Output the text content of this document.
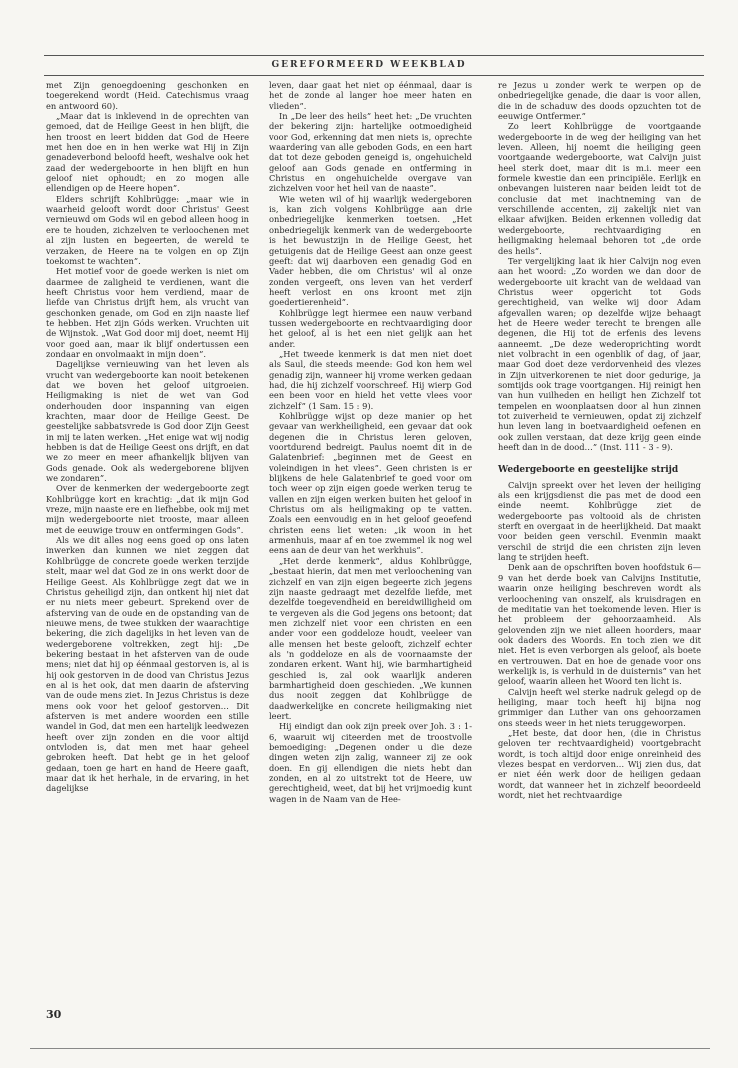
GEREFORMEERD WEEKBLAD

met Zijn genoegdoening geschonken en toegerekend wordt (Heid. Catechismus vraag en antwoord 60).

„Maar dat is inklevend in de oprechten van gemoed, dat de Heilige Geest in hen blijft, die hen troost en leert bidden dat God de Heere met hen doe en in hen werke wat Hij in Zijn genadeverbond beloofd heeft, weshalve ook het zaad der wedergeboorte in hen blijft en hun geloof niet ophoudt; en zo mogen alle ellendigen op de Heere hopen”.

Elders schrijft Kohlbrügge: „maar wie in waarheid gelooft wordt door Christus' Geest vernieuwd om Gods wil en gebod alleen hoog in ere te houden, zichzelven te verloochenen met al zijn lusten en begeerten, de wereld te verzaken, de Heere na te volgen en op Zijn toekomst te wachten”.

Het motief voor de goede werken is niet om daarmee de zaligheid te verdienen, want die heeft Christus voor hem verdiend, maar de liefde van Christus drijft hem, als vrucht van geschonken genade, om God en zijn naaste lief te hebben. Het zijn Góds werken. Vruchten uit de Wijnstok. „Wat God door mij doet, neemt Hij voor goed aan, maar ik blijf ondertussen een zondaar en onvolmaakt in mijn doen”.

Dagelijkse vernieuwing van het leven als vrucht van wedergeboorte kan nooit betekenen dat we boven het geloof uitgroeien. Heiligmaking is niet de wet van God onderhouden door inspanning van eigen krachten, maar door de Heilige Geest. De geestelijke sabbatsvrede is God door Zijn Geest in mij te laten werken. „Het enige wat wij nodig hebben is dat de Heilige Geest ons drijft, en dat we zo meer en meer afhankelijk blijven van Gods genade. Ook als wedergeborene blijven we zondaren”.

Over de kenmerken der wedergeboorte zegt Kohlbrügge kort en krachtig: „dat ik mijn God vreze, mijn naaste ere en liefhebbe, ook mij met mijn wedergeboorte niet trooste, maar alleen met de eeuwige trouw en ontfermingen Gods”.

Als we dit alles nog eens goed op ons laten inwerken dan kunnen we niet zeggen dat Kohlbrügge de concrete goede werken terzijde stelt, maar wel dat God ze in ons werkt door de Heilige Geest. Als Kohlbrügge zegt dat we in Christus geheiligd zijn, dan ontkent hij niet dat er nu niets meer gebeurt. Sprekend over de afsterving van de oude en de opstanding van de nieuwe mens, de twee stukken der waarachtige bekering, die zich dagelijks in het leven van de wedergeborene voltrekken, zegt hij: „De bekering bestaat in het afsterven van de oude mens; niet dat hij op éénmaal gestorven is, al is hij ook gestorven in de dood van Christus Jezus en al is het ook, dat men daarin de afsterving van de oude mens ziet. In Jezus Christus is deze mens ook voor het geloof gestorven… Dit afsterven is met andere woorden een stille wandel in God, dat men een hartelijk leedwezen heeft over zijn zonden en die voor altijd ontvloden is, dat men met haar geheel gebroken heeft. Dat hebt ge in het geloof gedaan, toen ge hart en hand de Heere gaaft, maar dat ik het herhale, in de ervaring, in het dagelijkse

leven, daar gaat het niet op éénmaal, daar is het de zonde al langer hoe meer haten en vlieden”.

In „De leer des heils” heet het: „De vruchten der bekering zijn: hartelijke ootmoedigheid voor God, erkenning dat men niets is, oprechte waardering van alle geboden Gods, en een hart dat tot deze geboden geneigd is, ongehuicheld geloof aan Gods genade en ontferming in Christus en ongehuichelde overgave van zichzelven voor het heil van de naaste”.

Wie weten wil of hij waarlijk wedergeboren is, kan zich volgens Kohlbrügge aan drie onbedriegelijke kenmerken toetsen. „Het onbedriegelijk kenmerk van de wedergeboorte is het bewustzijn in de Heilige Geest, het getuigenis dat de Heilige Geest aan onze geest geeft: dat wij daarboven een genadig God en Vader hebben, die om Christus' wil al onze zonden vergeeft, ons leven van het verderf heeft verlost en ons kroont met zijn goedertierenheid”.

Kohlbrügge legt hiermee een nauw verband tussen wedergeboorte en rechtvaardiging door het geloof, al is het een niet gelijk aan het ander.

„Het tweede kenmerk is dat men niet doet als Saul, die steeds meende: God kon hem wel genadig zijn, wanneer hij vrome werken gedaan had, die hij zichzelf voorschreef. Hij wierp God een been voor en hield het vette vlees voor zichzelf” (1 Sam. 15 : 9).

Kohlbrügge wijst op deze manier op het gevaar van werkheiligheid, een gevaar dat ook degenen die in Christus leren geloven, voortdurend bedreigt. Paulus noemt dit in de Galatenbrief: „beginnen met de Geest en voleindigen in het vlees”. Geen christen is er blijkens de hele Galatenbrief te goed voor om toch weer op zijn eigen goede werken terug te vallen en zijn eigen werken buiten het geloof in Christus om als heiligmaking op te vatten. Zoals een eenvoudig en in het geloof geoefend christen eens liet weten: „ik woon in het armenhuis, maar af en toe zwemmel ik nog wel eens aan de deur van het werkhuis”.

„Het derde kenmerk”, aldus Kohlbrügge, „bestaat hierin, dat men met verloochening van zichzelf en van zijn eigen begeerte zich jegens zijn naaste gedraagt met dezelfde liefde, met dezelfde toegevendheid en bereidwilligheid om te vergeven als die God jegens ons betoont; dat men zichzelf niet voor een christen en een ander voor een goddeloze houdt, veeleer van alle mensen het beste gelooft, zichzelf echter als 'n goddeloze en als de voornaamste der zondaren erkent. Want hij, wie barmhartigheid geschied is, zal ook waarlijk anderen barmhartigheid doen geschieden. „We kunnen dus nooit zeggen dat Kohlbrügge de daadwerkelijke en concrete heiligmaking niet leert.

Hij eindigt dan ook zijn preek over Joh. 3 : 1-6, waaruit wij citeerden met de troostvolle bemoediging: „Degenen onder u die deze dingen weten zijn zalig, wanneer zij ze ook doen. En gij ellendigen die niets hebt dan zonden, en al zo uitstrekt tot de Heere, uw gerechtigheid, weet, dat bij het vrijmoedig kunt wagen in de Naam van de Hee-

re Jezus u zonder werk te werpen op de onbedriegelijke genade, die daar is voor allen, die in de schaduw des doods opzuchten tot de eeuwige Ontfermer.”

Zo leert Kohlbrügge de voortgaande wedergeboorte in de weg der heiliging van het leven. Alleen, hij noemt die heiliging geen voortgaande wedergeboorte, wat Calvijn juist heel sterk doet, maar dit is m.i. meer een formele kwestie dan een principiële. Eerlijk en onbevangen luisteren naar beiden leidt tot de conclusie dat met inachtneming van de verschillende accenten, zij zakelijk niet van elkaar afwijken. Beiden erkennen volledig dat wedergeboorte, rechtvaardiging en heiligmaking helemaal behoren tot „de orde des heils”.

Ter vergelijking laat ik hier Calvijn nog even aan het woord: „Zo worden we dan door de wedergeboorte uit kracht van de weldaad van Christus weer opgericht tot Gods gerechtigheid, van welke wij door Adam afgevallen waren; op dezelfde wijze behaagt het de Heere weder terecht te brengen alle degenen, die Hij tot de erfenis des levens aanneemt. „De deze wederoprichting wordt niet volbracht in een ogenblik of dag, of jaar, maar God doet deze verdorvenheid des vlezes in Zijn uitverkorenen te niet door gedurige, ja somtijds ook trage voortgangen. Hij reinigt hen van hun vuilheden en heiligt hen Zichzelf tot tempelen en woonplaatsen door al hun zinnen tot zuiverheid te vernieuwen, opdat zij zichzelf hun leven lang in boetvaardigheid oefenen en ook zullen verstaan, dat deze krijg geen einde heeft dan in de dood…” (Inst. 111 - 3 - 9).

Wedergeboorte en geestelijke strijd

Calvijn spreekt over het leven der heiliging als een krijgsdienst die pas met de dood een einde neemt. Kohlbrügge ziet de wedergeboorte pas voltooid als de christen sterft en overgaat in de heerlijkheid. Dat maakt voor beiden geen verschil. Evenmin maakt verschil de strijd die een christen zijn leven lang te strijden heeft.

Denk aan de opschriften boven hoofdstuk 6—9 van het derde boek van Calvijns Institutie, waarin onze heiliging beschreven wordt als verloochening van onszelf, als kruisdragen en de meditatie van het toekomende leven. Hier is het probleem der gehoorzaamheid. Als gelovenden zijn we niet alleen hoorders, maar ook daders des Woords. En toch zien we dit niet. Het is even verborgen als geloof, als boete en vertrouwen. Dat en hoe de genade voor ons werkelijk is, is verhuld in de duisternis” van het geloof, waarin alleen het Woord ten licht is.

Calvijn heeft wel sterke nadruk gelegd op de heiliging, maar toch heeft hij bijna nog grimmiger dan Luther van ons gehoorzamen ons steeds weer in het niets teruggeworpen.

„Het beste, dat door hen, (die in Christus geloven ter rechtvaardigheid) voortgebracht wordt, is toch altijd door enige onreinheid des vlezes bespat en verdorven… Wij zien dus, dat er niet één werk door de heiligen gedaan wordt, dat wanneer het in zichzelf beoordeeld wordt, niet het rechtvaardige

30
